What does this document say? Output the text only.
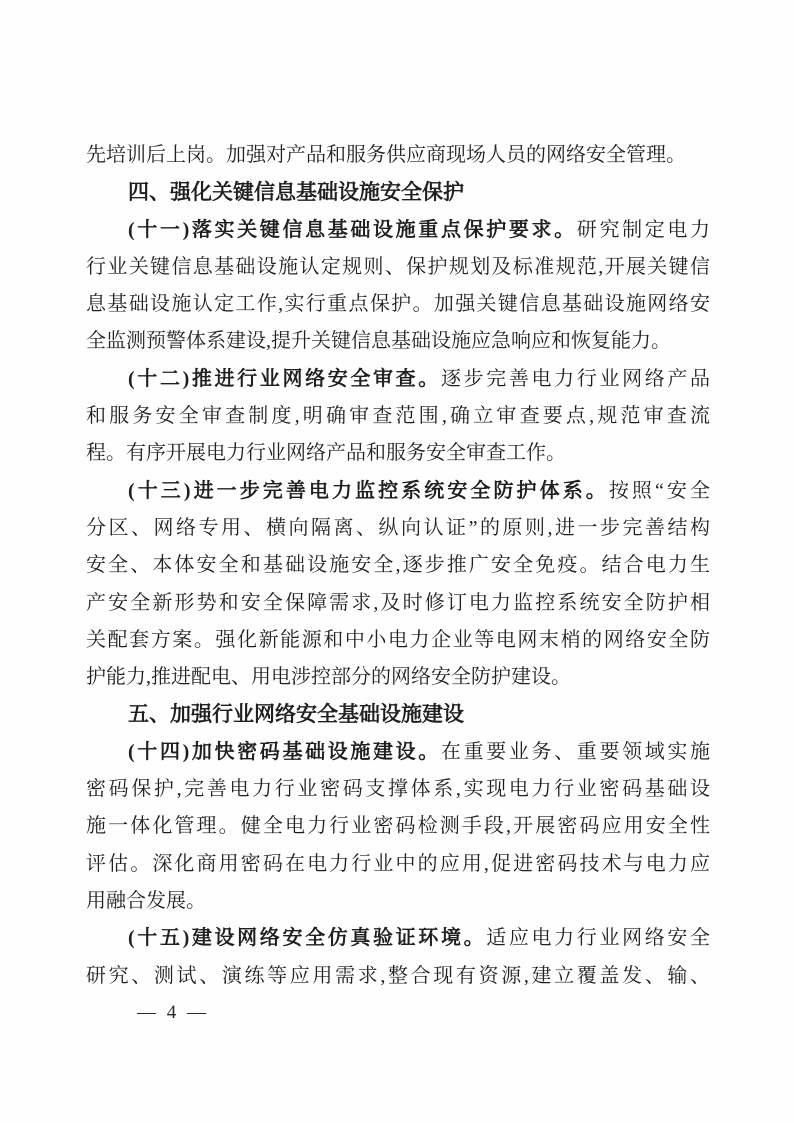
先培训后上岗。加强对产品和服务供应商现场人员的网络安全管理。
四、强化关键信息基础设施安全保护
(十一)落实关键信息基础设施重点保护要求。研究制定电力
行业关键信息基础设施认定规则、保护规划及标准规范,开展关键信
息基础设施认定工作,实行重点保护。加强关键信息基础设施网络安
全监测预警体系建设,提升关键信息基础设施应急响应和恢复能力。
(十二)推进行业网络安全审查。逐步完善电力行业网络产品
和服务安全审查制度,明确审查范围,确立审查要点,规范审查流
程。有序开展电力行业网络产品和服务安全审查工作。
(十三)进一步完善电力监控系统安全防护体系。按照“安全
分区、网络专用、横向隔离、纵向认证”的原则,进一步完善结构
安全、本体安全和基础设施安全,逐步推广安全免疫。结合电力生
产安全新形势和安全保障需求,及时修订电力监控系统安全防护相
关配套方案。强化新能源和中小电力企业等电网末梢的网络安全防
护能力,推进配电、用电涉控部分的网络安全防护建设。
五、加强行业网络安全基础设施建设
(十四)加快密码基础设施建设。在重要业务、重要领域实施
密码保护,完善电力行业密码支撑体系,实现电力行业密码基础设
施一体化管理。健全电力行业密码检测手段,开展密码应用安全性
评估。深化商用密码在电力行业中的应用,促进密码技术与电力应
用融合发展。
(十五)建设网络安全仿真验证环境。适应电力行业网络安全
研究、测试、演练等应用需求,整合现有资源,建立覆盖发、输、
— 4 —
